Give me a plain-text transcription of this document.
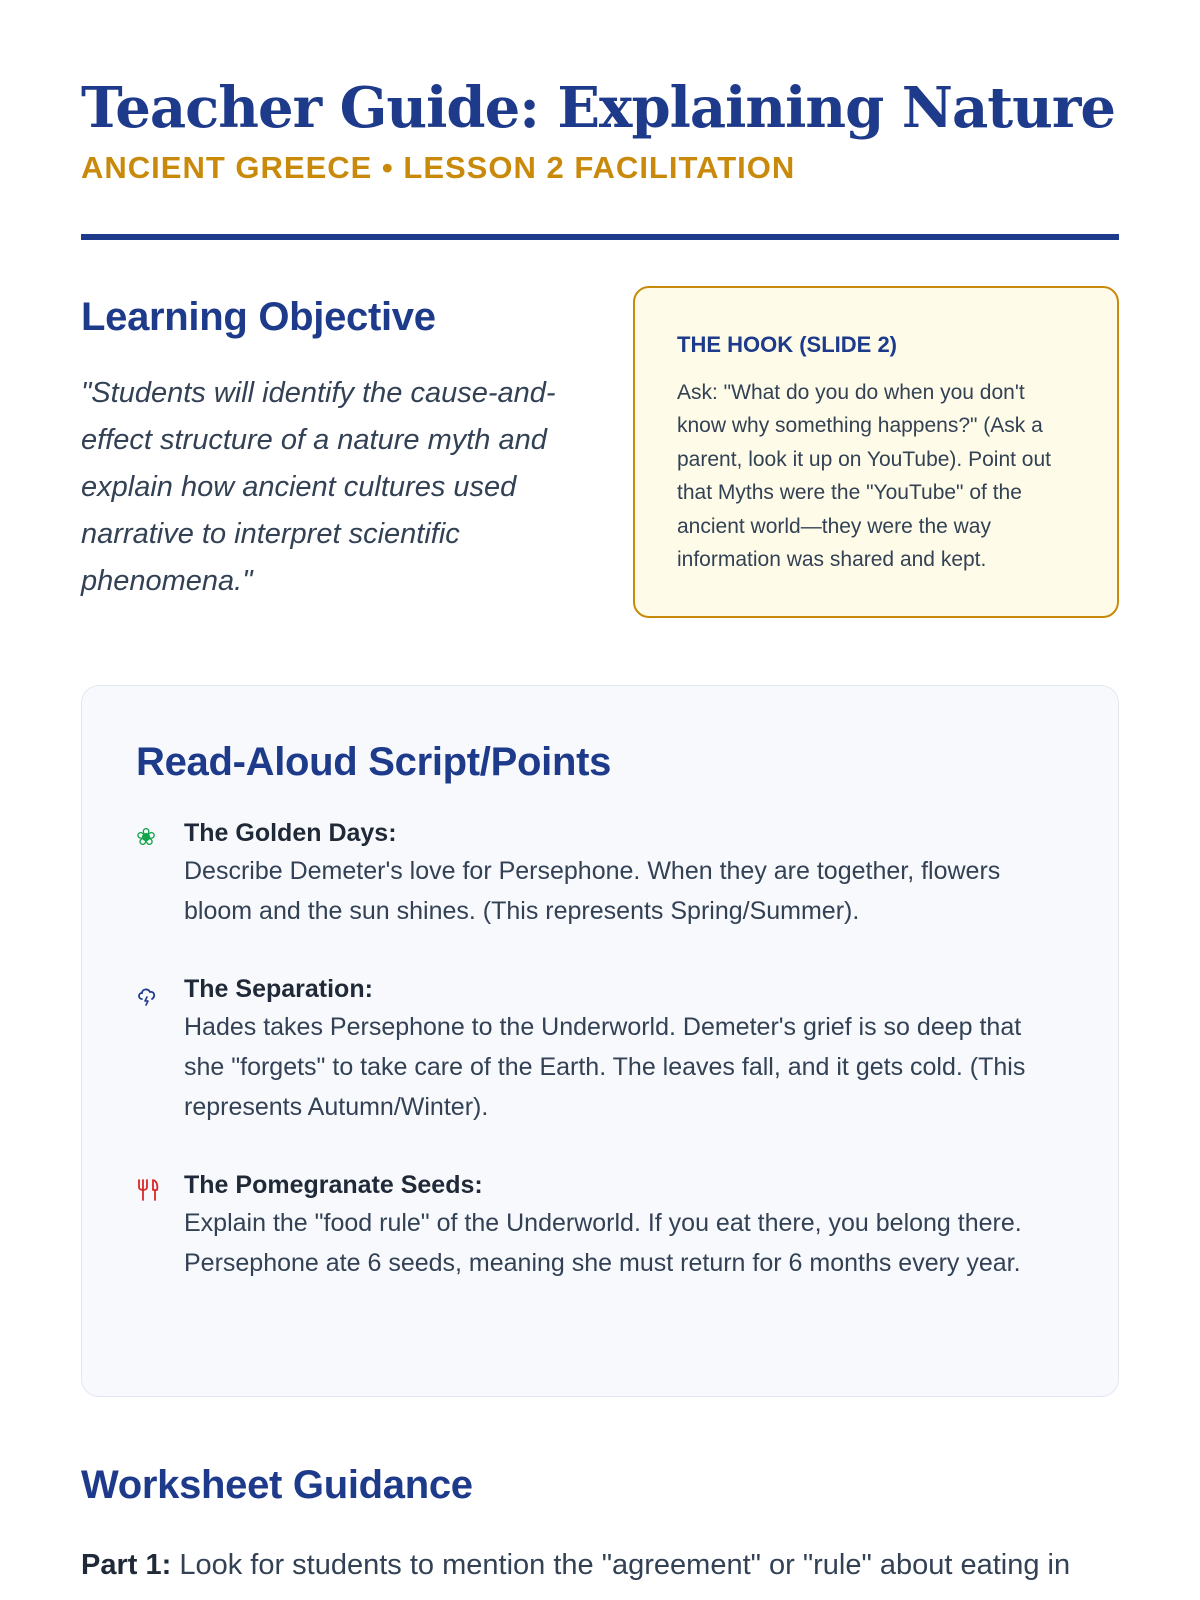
Teacher Guide: Explaining Nature
ANCIENT GREECE • LESSON 2 FACILITATION
Learning Objective
"Students will identify the cause-and-effect structure of a nature myth and explain how ancient cultures used narrative to interpret scientific phenomena."
THE HOOK (SLIDE 2)
Ask: "What do you do when you don't know why something happens?" (Ask a parent, look it up on YouTube). Point out that Myths were the "YouTube" of the ancient world—they were the way information was shared and kept.
Read-Aloud Script/Points
❀	The Golden Days:
Describe Demeter's love for Persephone. When they are together, flowers bloom and the sun shines. (This represents Spring/Summer).
The Separation:
Hades takes Persephone to the Underworld. Demeter's grief is so deep that she "forgets" to take care of the Earth. The leaves fall, and it gets cold. (This represents Autumn/Winter).
The Pomegranate Seeds:
Explain the "food rule" of the Underworld. If you eat there, you belong there. Persephone ate 6 seeds, meaning she must return for 6 months every year.
Worksheet Guidance
Part 1: Look for students to mention the "agreement" or "rule" about eating in
